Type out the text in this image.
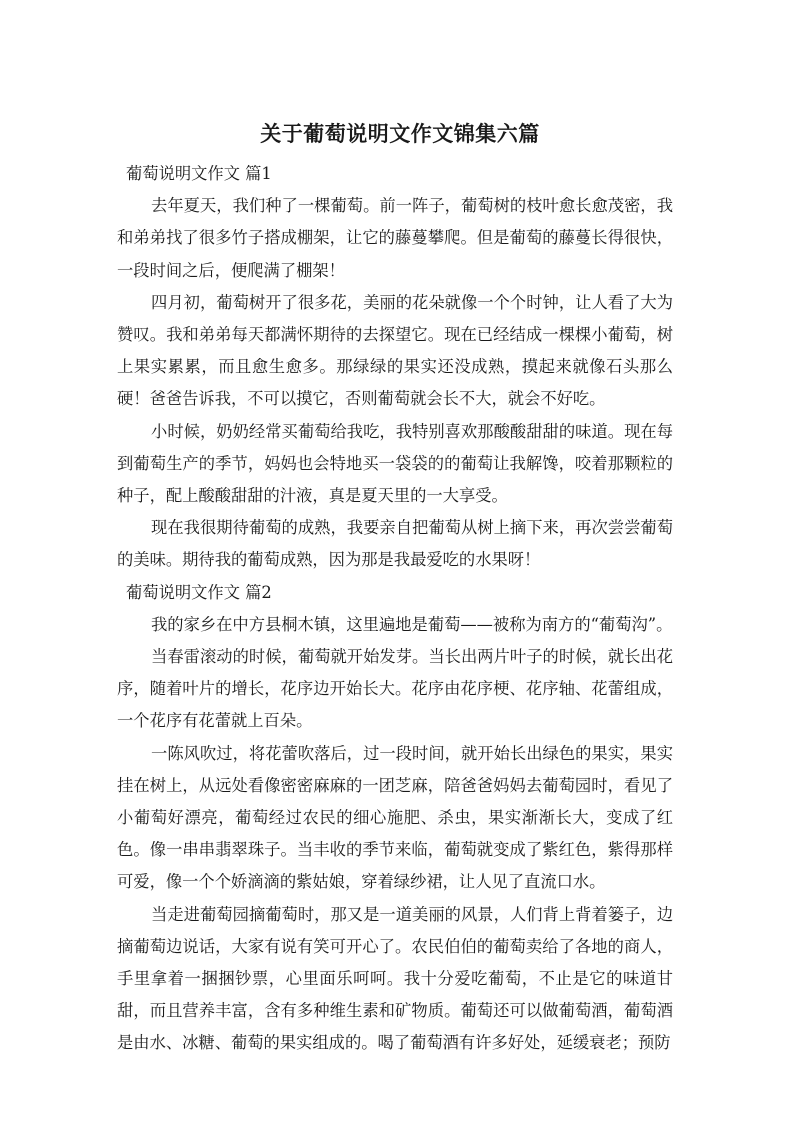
关于葡萄说明文作文锦集六篇
葡萄说明文作文 篇1

去年夏天，我们种了一棵葡萄。前一阵子，葡萄树的枝叶愈长愈茂密，我和弟弟找了很多竹子搭成棚架，让它的藤蔓攀爬。但是葡萄的藤蔓长得很快，一段时间之后，便爬满了棚架！

四月初，葡萄树开了很多花，美丽的花朵就像一个个时钟，让人看了大为赞叹。我和弟弟每天都满怀期待的去探望它。现在已经结成一棵棵小葡萄，树上果实累累，而且愈生愈多。那绿绿的果实还没成熟，摸起来就像石头那么硬！爸爸告诉我，不可以摸它，否则葡萄就会长不大，就会不好吃。

小时候，奶奶经常买葡萄给我吃，我特别喜欢那酸酸甜甜的味道。现在每到葡萄生产的季节，妈妈也会特地买一袋袋的的葡萄让我解馋，咬着那颗粒的种子，配上酸酸甜甜的汁液，真是夏天里的一大享受。

现在我很期待葡萄的成熟，我要亲自把葡萄从树上摘下来，再次尝尝葡萄的美味。期待我的葡萄成熟，因为那是我最爱吃的水果呀！

葡萄说明文作文 篇2

我的家乡在中方县桐木镇，这里遍地是葡萄——被称为南方的“葡萄沟”。

当春雷滚动的时候，葡萄就开始发芽。当长出两片叶子的时候，就长出花序，随着叶片的增长，花序边开始长大。花序由花序梗、花序轴、花蕾组成，一个花序有花蕾就上百朵。

一陈风吹过，将花蕾吹落后，过一段时间，就开始长出绿色的果实，果实挂在树上，从远处看像密密麻麻的一团芝麻，陪爸爸妈妈去葡萄园时，看见了小葡萄好漂亮，葡萄经过农民的细心施肥、杀虫，果实渐渐长大，变成了红色。像一串串翡翠珠子。当丰收的季节来临，葡萄就变成了紫红色，紫得那样可爱，像一个个娇滴滴的紫姑娘，穿着绿纱裙，让人见了直流口水。

当走进葡萄园摘葡萄时，那又是一道美丽的风景，人们背上背着篓子，边摘葡萄边说话，大家有说有笑可开心了。农民伯伯的葡萄卖给了各地的商人，手里拿着一捆捆钞票，心里面乐呵呵。我十分爱吃葡萄，不止是它的味道甘甜，而且营养丰富，含有多种维生素和矿物质。葡萄还可以做葡萄酒，葡萄酒是由水、冰糖、葡萄的果实组成的。喝了葡萄酒有许多好处，延缓衰老；预防
